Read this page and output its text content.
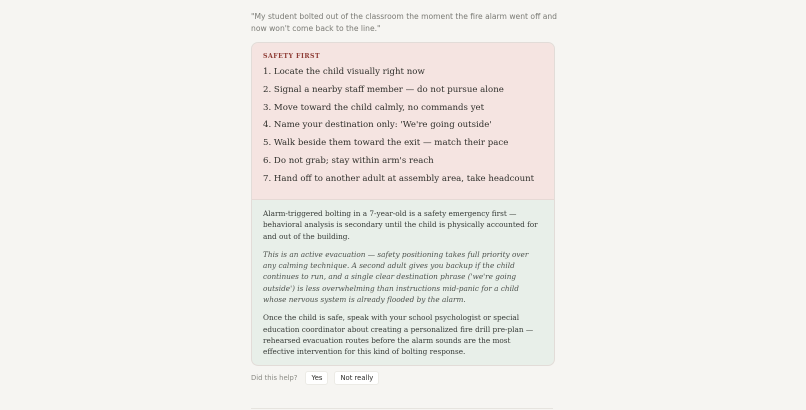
"My student bolted out of the classroom the moment the fire alarm went off and now won't come back to the line."
SAFETY FIRST
1. Locate the child visually right now
2. Signal a nearby staff member — do not pursue alone
3. Move toward the child calmly, no commands yet
4. Name your destination only: 'We're going outside'
5. Walk beside them toward the exit — match their pace
6. Do not grab; stay within arm's reach
7. Hand off to another adult at assembly area, take headcount

Alarm-triggered bolting in a 7-year-old is a safety emergency first — behavioral analysis is secondary until the child is physically accounted for and out of the building.

This is an active evacuation — safety positioning takes full priority over any calming technique. A second adult gives you backup if the child continues to run, and a single clear destination phrase ('we're going outside') is less overwhelming than instructions mid-panic for a child whose nervous system is already flooded by the alarm.

Once the child is safe, speak with your school psychologist or special education coordinator about creating a personalized fire drill pre-plan — rehearsed evacuation routes before the alarm sounds are the most effective intervention for this kind of bolting response.

Did this help?	Yes	Not really
